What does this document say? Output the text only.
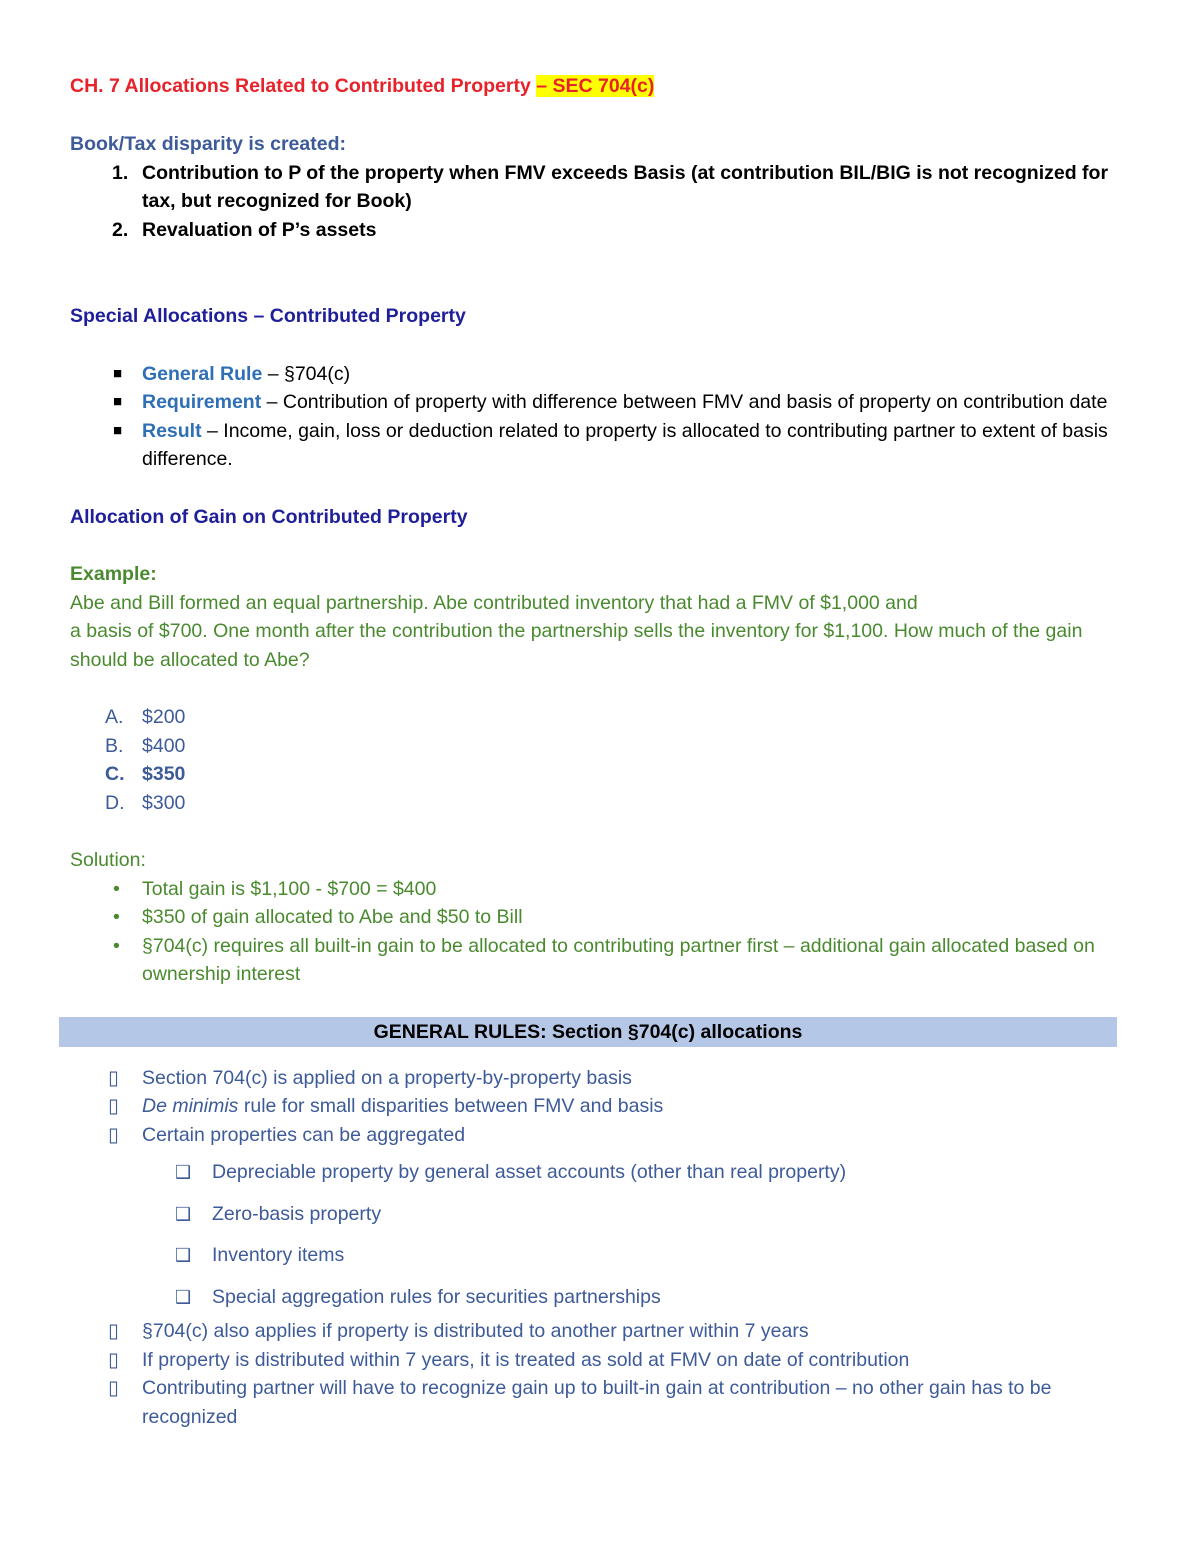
CH. 7 Allocations Related to Contributed Property – SEC 704(c)
Book/Tax disparity is created:
1. Contribution to P of the property when FMV exceeds Basis (at contribution BIL/BIG is not recognized for tax, but recognized for Book)
2. Revaluation of P’s assets
Special Allocations – Contributed Property
■	General Rule – §704(c)
■	Requirement – Contribution of property with difference between FMV and basis of property on contribution date
■	Result – Income, gain, loss or deduction related to property is allocated to contributing partner to extent of basis difference.
Allocation of Gain on Contributed Property
Example:
Abe and Bill formed an equal partnership. Abe contributed inventory that had a FMV of $1,000 and
a basis of $700. One month after the contribution the partnership sells the inventory for $1,100. How much of the gain should be allocated to Abe?
A. $200
B. $400
C. $350
D. $300
Solution:
•	Total gain is $1,100 - $700 = $400
•	$350 of gain allocated to Abe and $50 to Bill
•	§704(c) requires all built-in gain to be allocated to contributing partner first – additional gain allocated based on ownership interest
GENERAL RULES: Section §704(c) allocations
▯	Section 704(c) is applied on a property-by-property basis
▯	De minimis rule for small disparities between FMV and basis
▯	Certain properties can be aggregated
❑	Depreciable property by general asset accounts (other than real property)
❑	Zero-basis property
❑	Inventory items
❑	Special aggregation rules for securities partnerships
▯	§704(c) also applies if property is distributed to another partner within 7 years
▯	If property is distributed within 7 years, it is treated as sold at FMV on date of contribution
▯	Contributing partner will have to recognize gain up to built-in gain at contribution – no other gain has to be recognized
